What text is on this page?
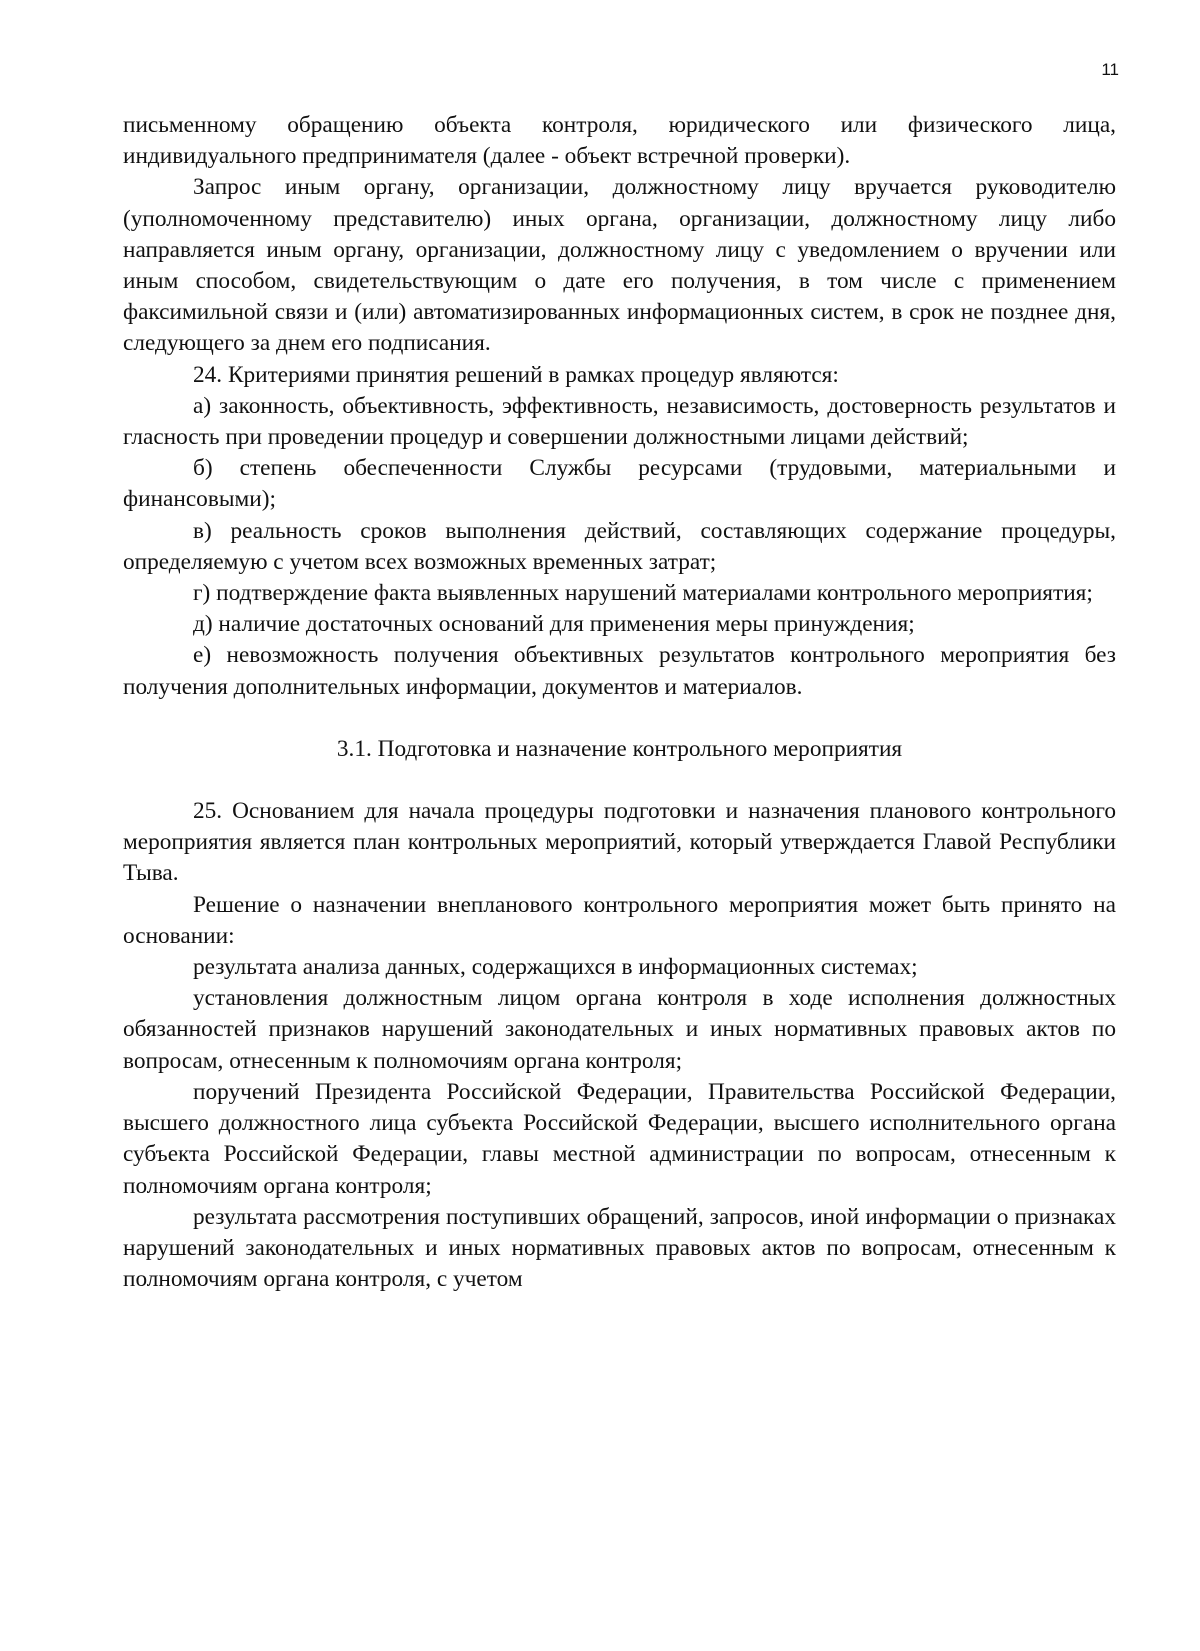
11

письменному обращению объекта контроля, юридического или физического лица, индивидуального предпринимателя (далее - объект встречной проверки).

Запрос иным органу, организации, должностному лицу вручается руководителю (уполномоченному представителю) иных органа, организации, должностному лицу либо направляется иным органу, организации, должностному лицу с уведомлением о вручении или иным способом, свидетельствующим о дате его получения, в том числе с применением факсимильной связи и (или) автоматизированных информационных систем, в срок не позднее дня, следующего за днем его подписания.

24. Критериями принятия решений в рамках процедур являются:

а) законность, объективность, эффективность, независимость, достоверность результатов и гласность при проведении процедур и совершении должностными лицами действий;

б) степень обеспеченности Службы ресурсами (трудовыми, материальными и финансовыми);

в) реальность сроков выполнения действий, составляющих содержание процедуры, определяемую с учетом всех возможных временных затрат;

г) подтверждение факта выявленных нарушений материалами контрольного мероприятия;

д) наличие достаточных оснований для применения меры принуждения;

е) невозможность получения объективных результатов контрольного мероприятия без получения дополнительных информации, документов и материалов.

3.1. Подготовка и назначение контрольного мероприятия

25. Основанием для начала процедуры подготовки и назначения планового контрольного мероприятия является план контрольных мероприятий, который утверждается Главой Республики Тыва.

Решение о назначении внепланового контрольного мероприятия может быть принято на основании:

результата анализа данных, содержащихся в информационных системах;

установления должностным лицом органа контроля в ходе исполнения должностных обязанностей признаков нарушений законодательных и иных нормативных правовых актов по вопросам, отнесенным к полномочиям органа контроля;

поручений Президента Российской Федерации, Правительства Российской Федерации, высшего должностного лица субъекта Российской Федерации, высшего исполнительного органа субъекта Российской Федерации, главы местной администрации по вопросам, отнесенным к полномочиям органа контроля;

результата рассмотрения поступивших обращений, запросов, иной информации о признаках нарушений законодательных и иных нормативных правовых актов по вопросам, отнесенным к полномочиям органа контроля, с учетом
